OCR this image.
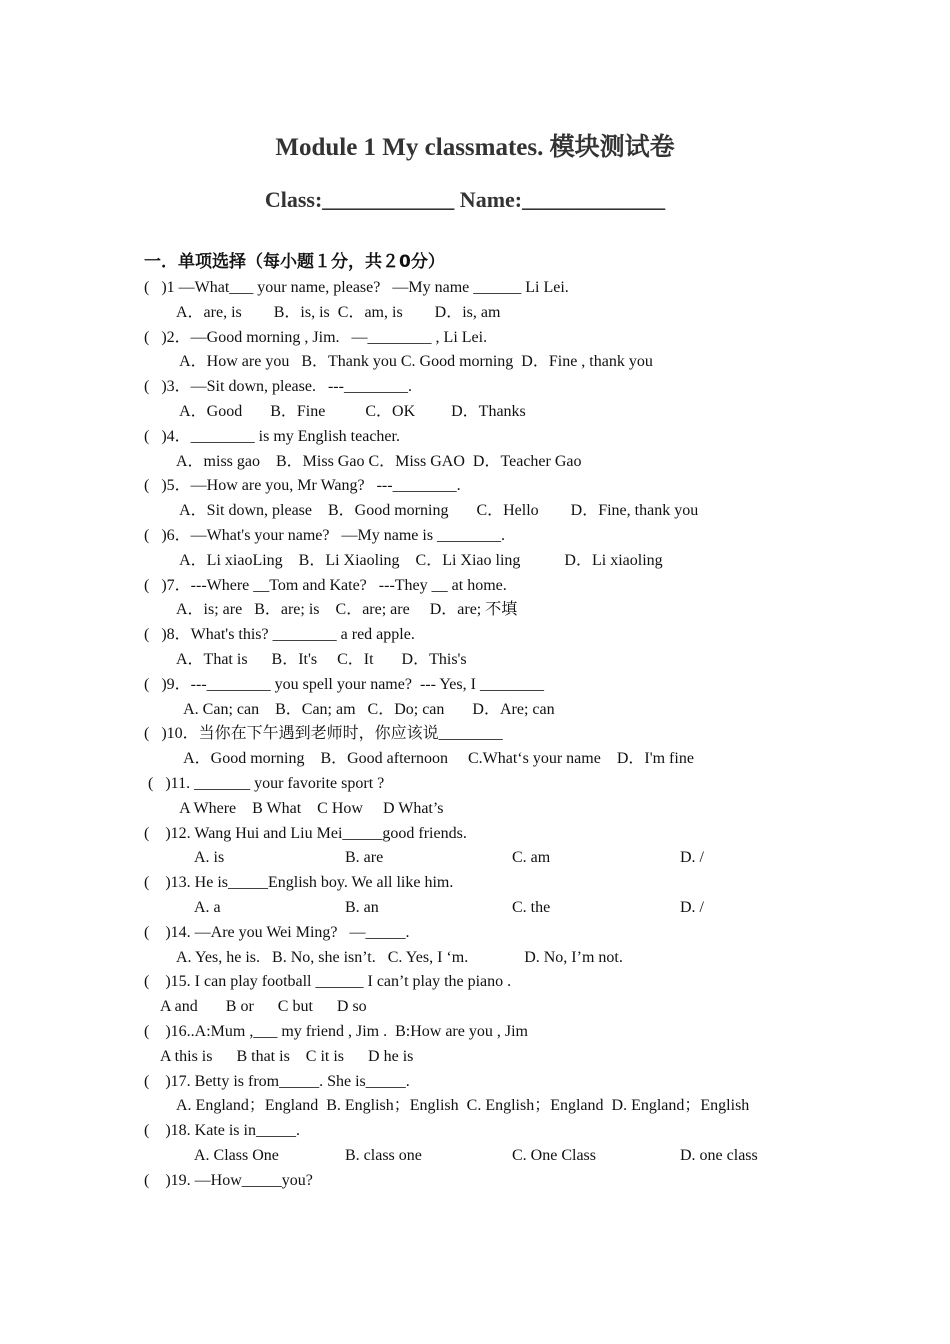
Module 1 My classmates. 模块测试卷
Class:____________ Name:_____________
一．单项选择（每小题１分，共２0分）
(   )1 —What___ your name, please?   —My name ______ Li Lei.
A．are, is        B．is, is  C．am, is        D．is, am
(   )2．—Good morning , Jim.   —________ , Li Lei.
A．How are you   B．Thank you C. Good morning  D．Fine , thank you
(   )3．—Sit down, please.   ---________.
A．Good       B．Fine          C．OK         D．Thanks
(   )4．________ is my English teacher.
A．miss gao    B．Miss Gao C．Miss GAO  D．Teacher Gao
(   )5．—How are you, Mr Wang?   ---________.
A．Sit down, please    B．Good morning       C．Hello        D．Fine, thank you
(   )6．—What's your name?   —My name is ________.
A．Li xiaoLing    B．Li Xiaoling    C．Li Xiao ling           D．Li xiaoling
(   )7．---Where __Tom and Kate?   ---They __ at home.
A．is; are   B．are; is    C．are; are     D．are; 不填
(   )8．What's this? ________ a red apple.
A．That is      B．It's     C．It       D．This's
(   )9．---________ you spell your name?  --- Yes, I ________
A. Can; can    B．Can; am   C．Do; can       D．Are; can
(   )10．当你在下午遇到老师时，你应该说________
A．Good morning    B．Good afternoon     C.What‘s your name    D．I'm fine
(   )11. _______ your favorite sport ?
A Where    B What    C How     D What’s
(    )12. Wang Hui and Liu Mei_____good friends.

A. is

	B. are

	C. am

	D. /

(    )13. He is_____English boy. We all like him.

A. a

	B. an

	C. the

	D. /

(    )14. —Are you Wei Ming?   —_____.
A. Yes, he is.   B. No, she isn’t.   C. Yes, I ‘m.              D. No, I’m not.
(    )15. I can play football ______ I can’t play the piano .
A and       B or      C but      D so
(    )16..A:Mum ,___ my friend , Jim .  B:How are you , Jim
A this is      B that is    C it is      D he is
(    )17. Betty is from_____. She is_____.
A. England；England  B. English；English  C. English；England  D. England；English
(    )18. Kate is in_____.

A. Class One

	B. class one

	C. One Class

	D. one class

(    )19. —How_____you?
